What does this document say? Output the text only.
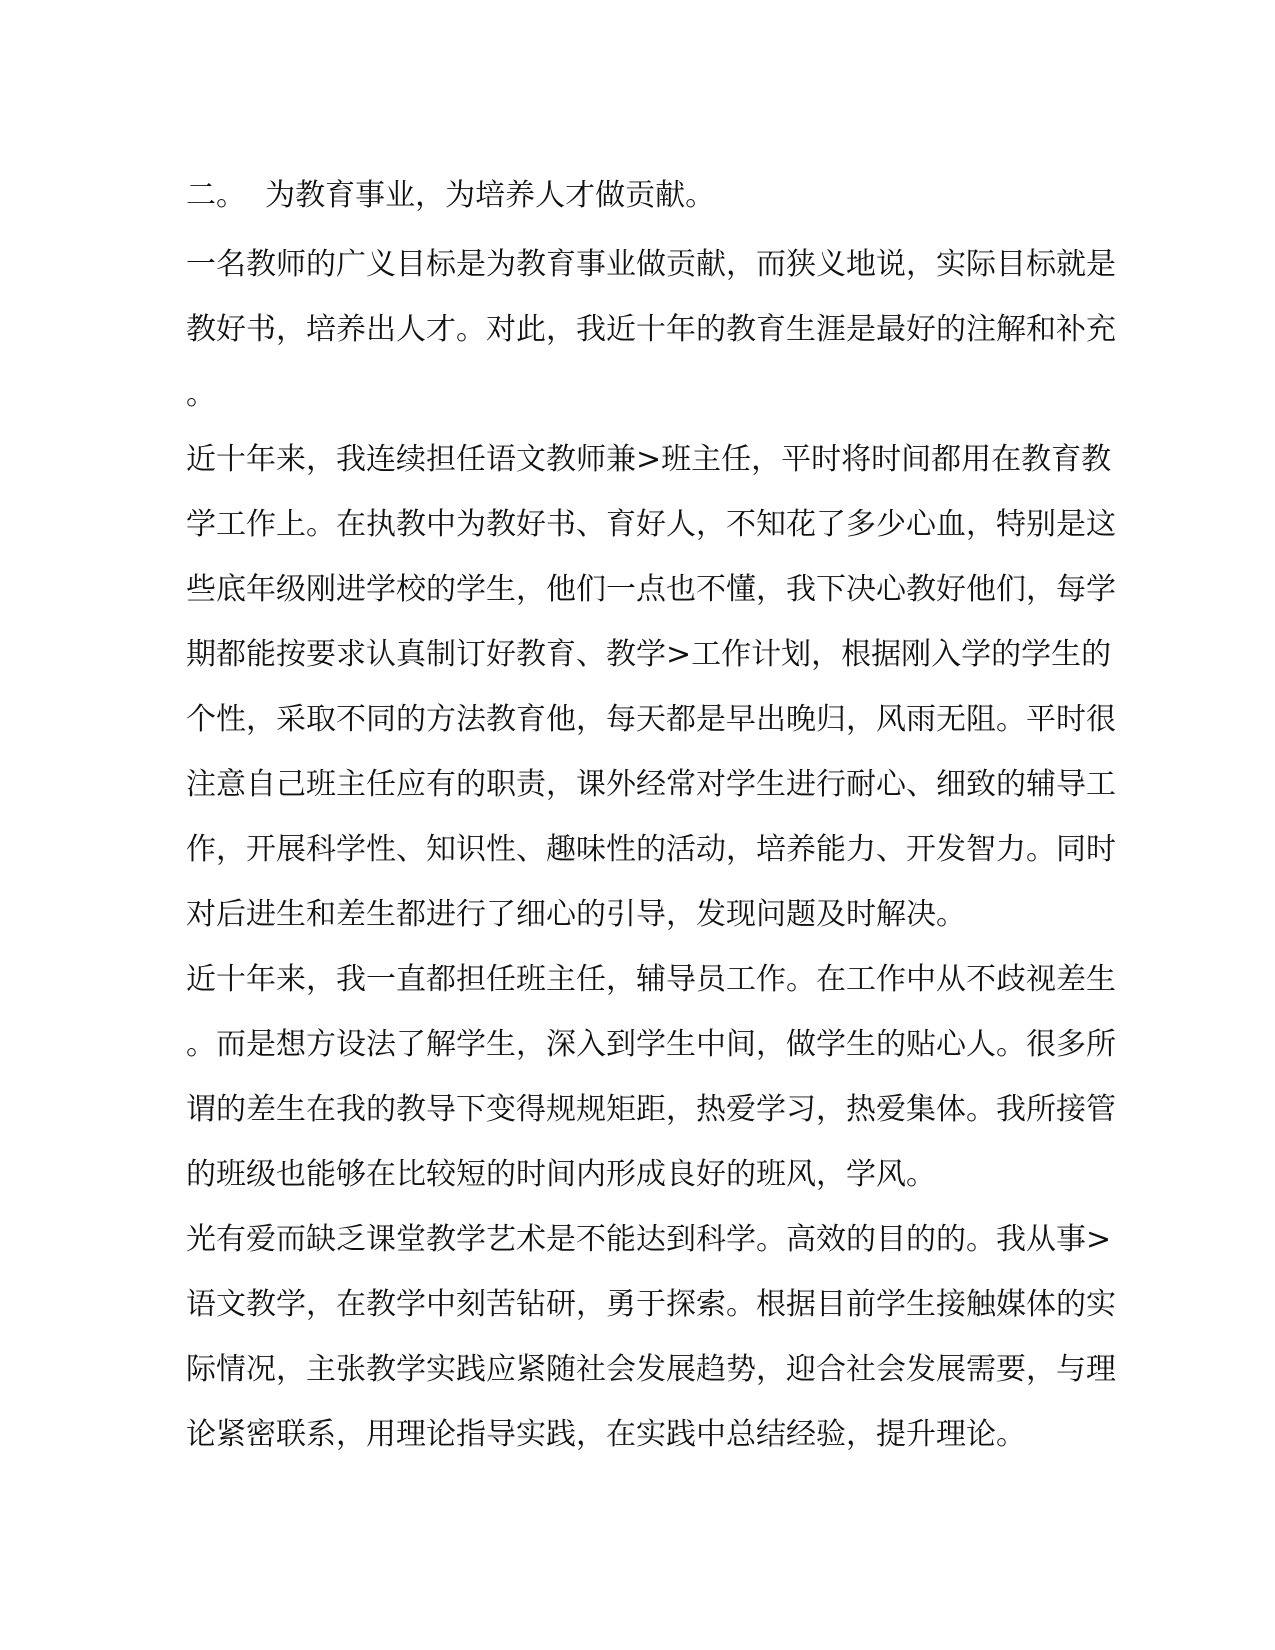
二。  为教育事业，为培养人才做贡献。
一名教师的广义目标是为教育事业做贡献，而狭义地说，实际目标就是
教好书，培养出人才。对此，我近十年的教育生涯是最好的注解和补充
。
近十年来，我连续担任语文教师兼>班主任，平时将时间都用在教育教
学工作上。在执教中为教好书、育好人，不知花了多少心血，特别是这
些底年级刚进学校的学生，他们一点也不懂，我下决心教好他们，每学
期都能按要求认真制订好教育、教学>工作计划，根据刚入学的学生的
个性，采取不同的方法教育他，每天都是早出晚归，风雨无阻。平时很
注意自己班主任应有的职责，课外经常对学生进行耐心、细致的辅导工
作，开展科学性、知识性、趣味性的活动，培养能力、开发智力。同时
对后进生和差生都进行了细心的引导，发现问题及时解决。
近十年来，我一直都担任班主任，辅导员工作。在工作中从不歧视差生
。而是想方设法了解学生，深入到学生中间，做学生的贴心人。很多所
谓的差生在我的教导下变得规规矩距，热爱学习，热爱集体。我所接管
的班级也能够在比较短的时间内形成良好的班风，学风。
光有爱而缺乏课堂教学艺术是不能达到科学。高效的目的的。我从事>
语文教学，在教学中刻苦钻研，勇于探索。根据目前学生接触媒体的实
际情况，主张教学实践应紧随社会发展趋势，迎合社会发展需要，与理
论紧密联系，用理论指导实践，在实践中总结经验，提升理论。
